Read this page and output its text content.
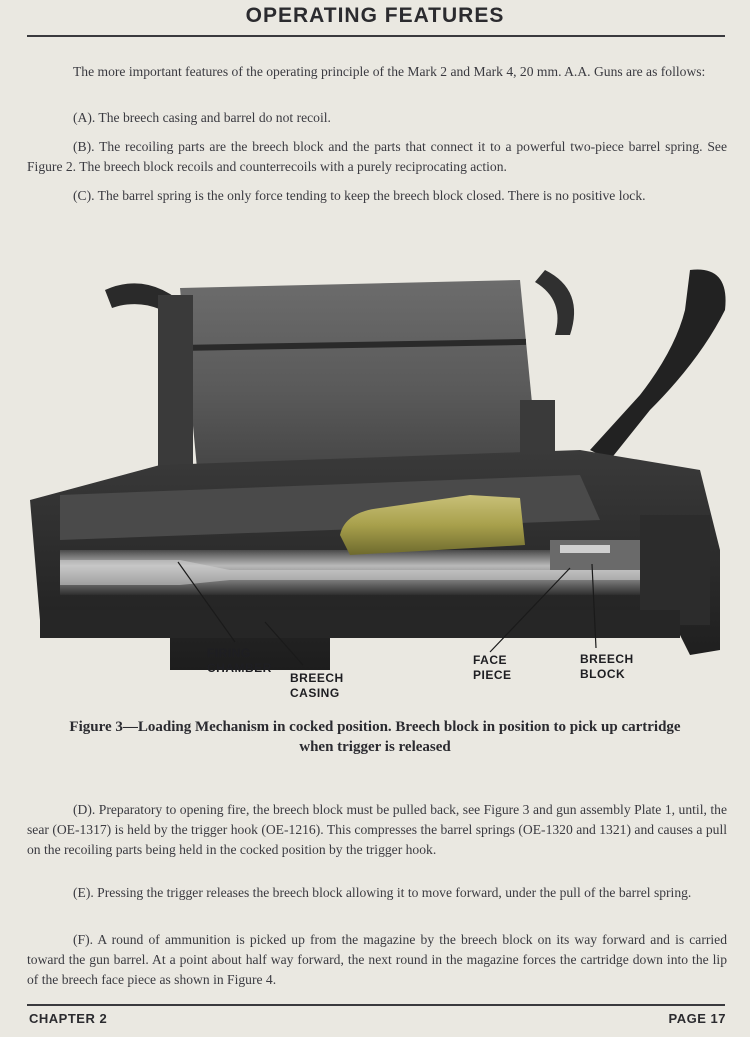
OPERATING FEATURES

The more important features of the operating principle of the Mark 2 and Mark 4, 20 mm. A.A. Guns are as follows:

(A). The breech casing and barrel do not recoil.

(B). The recoiling parts are the breech block and the parts that connect it to a powerful two-piece barrel spring. See Figure 2. The breech block recoils and counterrecoils with a purely reciprocating action.

(C). The barrel spring is the only force tending to keep the breech block closed. There is no positive lock.

FIRING
CHAMBER
BREECH
CASING
FACE
PIECE
BREECH
BLOCK

Figure 3—Loading Mechanism in cocked position. Breech block in position to pick up cartridge when trigger is released

(D). Preparatory to opening fire, the breech block must be pulled back, see Figure 3 and gun assembly Plate 1, until, the sear (OE-1317) is held by the trigger hook (OE-1216). This compresses the barrel springs (OE-1320 and 1321) and causes a pull on the recoiling parts being held in the cocked position by the trigger hook.

(E). Pressing the trigger releases the breech block allowing it to move forward, under the pull of the barrel spring.

(F). A round of ammunition is picked up from the magazine by the breech block on its way forward and is carried toward the gun barrel. At a point about half way forward, the next round in the magazine forces the cartridge down into the lip of the breech face piece as shown in Figure 4.

CHAPTER 2	PAGE 17
